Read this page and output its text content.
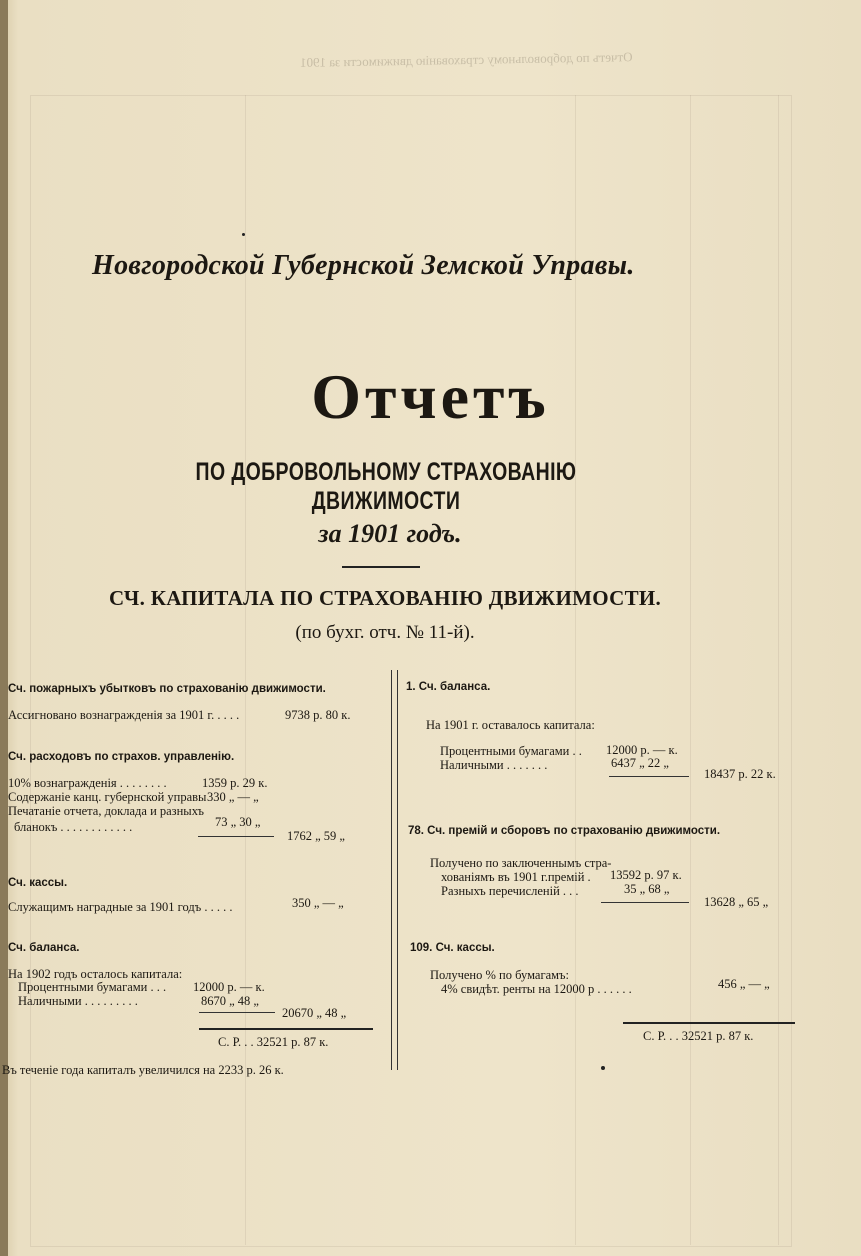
Отчетъ по добровольному страхованію движимости за 1901
Новгородской Губернской Земской Управы.
Отчетъ
ПО ДОБРОВОЛЬНОМУ СТРАХОВАНІЮ ДВИЖИМОСТИ
за 1901 годъ.
СЧ. КАПИТАЛА ПО СТРАХОВАНІЮ ДВИЖИМОСТИ.
(по бухг. отч. № 11-й).
Сч. пожарныхъ убытковъ по страхованію движимости.
Ассигновано вознагражденія за 1901 г. . . . .	9738 р. 80 к.
Сч. расходовъ по страхов. управленію.
10% вознагражденія . . . . . . . .	1359 р. 29 к.
Содержаніе канц. губернской управы 330 „ — „
Печатаніе отчета, доклада и разныхъ
бланокъ . . . . . . . . . . . .	73 „ 30 „
1762 „ 59 „
Сч. кассы.
Служащимъ наградные за 1901 годъ . . . . .	350 „ — „
Сч. баланса.
На 1902 годъ осталось капитала:
Процентными бумагами . . . 12000 р. — к.
Наличными . . . . . . . . .	8670 „ 48 „
20670 „ 48 „
С. Р. . . 32521 р. 87 к.
Въ теченіе года капиталъ увеличился на 2233 р. 26 к.
1. Сч. баланса.
На 1901 г. оставалось капитала:
Процентными бумагами . . 12000 р. — к.
Наличными . . . . . . .	6437 „ 22 „
18437 р. 22 к.
78. Сч. премій и сборовъ по страхованію движимости.
Получено по заключеннымъ стра-
хованіямъ въ 1901 г.премій . 13592 р. 97 к.
Разныхъ перечисленій . . .	35 „ 68 „
13628 „ 65 „
109. Сч. кассы.
Получено % по бумагамъ:
4% свидѣт. ренты на 12000 р . . . . . .	456 „ — „
С. Р. . . 32521 р. 87 к.
